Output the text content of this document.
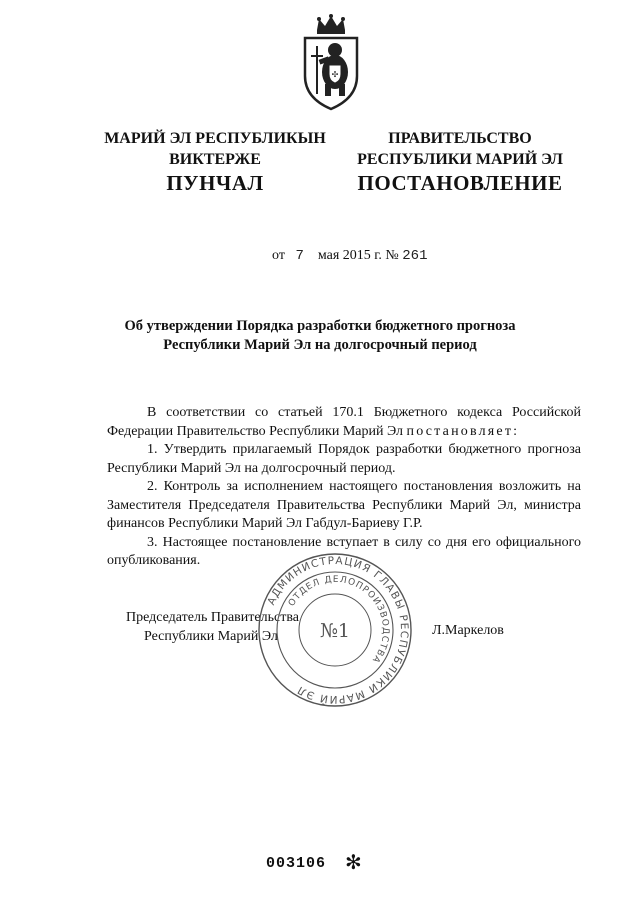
✣
МАРИЙ ЭЛ РЕСПУБЛИКЫН
ВИКТЕРЖЕ
ПРАВИТЕЛЬСТВО
РЕСПУБЛИКИ МАРИЙ ЭЛ
ПУНЧАЛ	ПОСТАНОВЛЕНИЕ
от 7 мая 2015 г. № 261
Об утверждении Порядка разработки бюджетного прогноза
Республики Марий Эл на долгосрочный период

В соответствии со статьей 170.1 Бюджетного кодекса Российской Федерации Правительство Республики Марий Эл постановляет:

1. Утвердить прилагаемый Порядок разработки бюджетного прогноза Республики Марий Эл на долгосрочный период.

2. Контроль за исполнением настоящего постановления возложить на Заместителя Председателя Правительства Республики Марий Эл, министра финансов Республики Марий Эл Габдул-Бариеву Г.Р.

3. Настоящее постановление вступает в силу со дня его официального опубликования.

Председатель Правительства
Республики Марий Эл	Л.Маркелов
АДМИНИСТРАЦИЯ ГЛАВЫ РЕСПУБЛИКИ МАРИЙ ЭЛ
ОТДЕЛ ДЕЛОПРОИЗВОДСТВА
№1
003106 ✻
